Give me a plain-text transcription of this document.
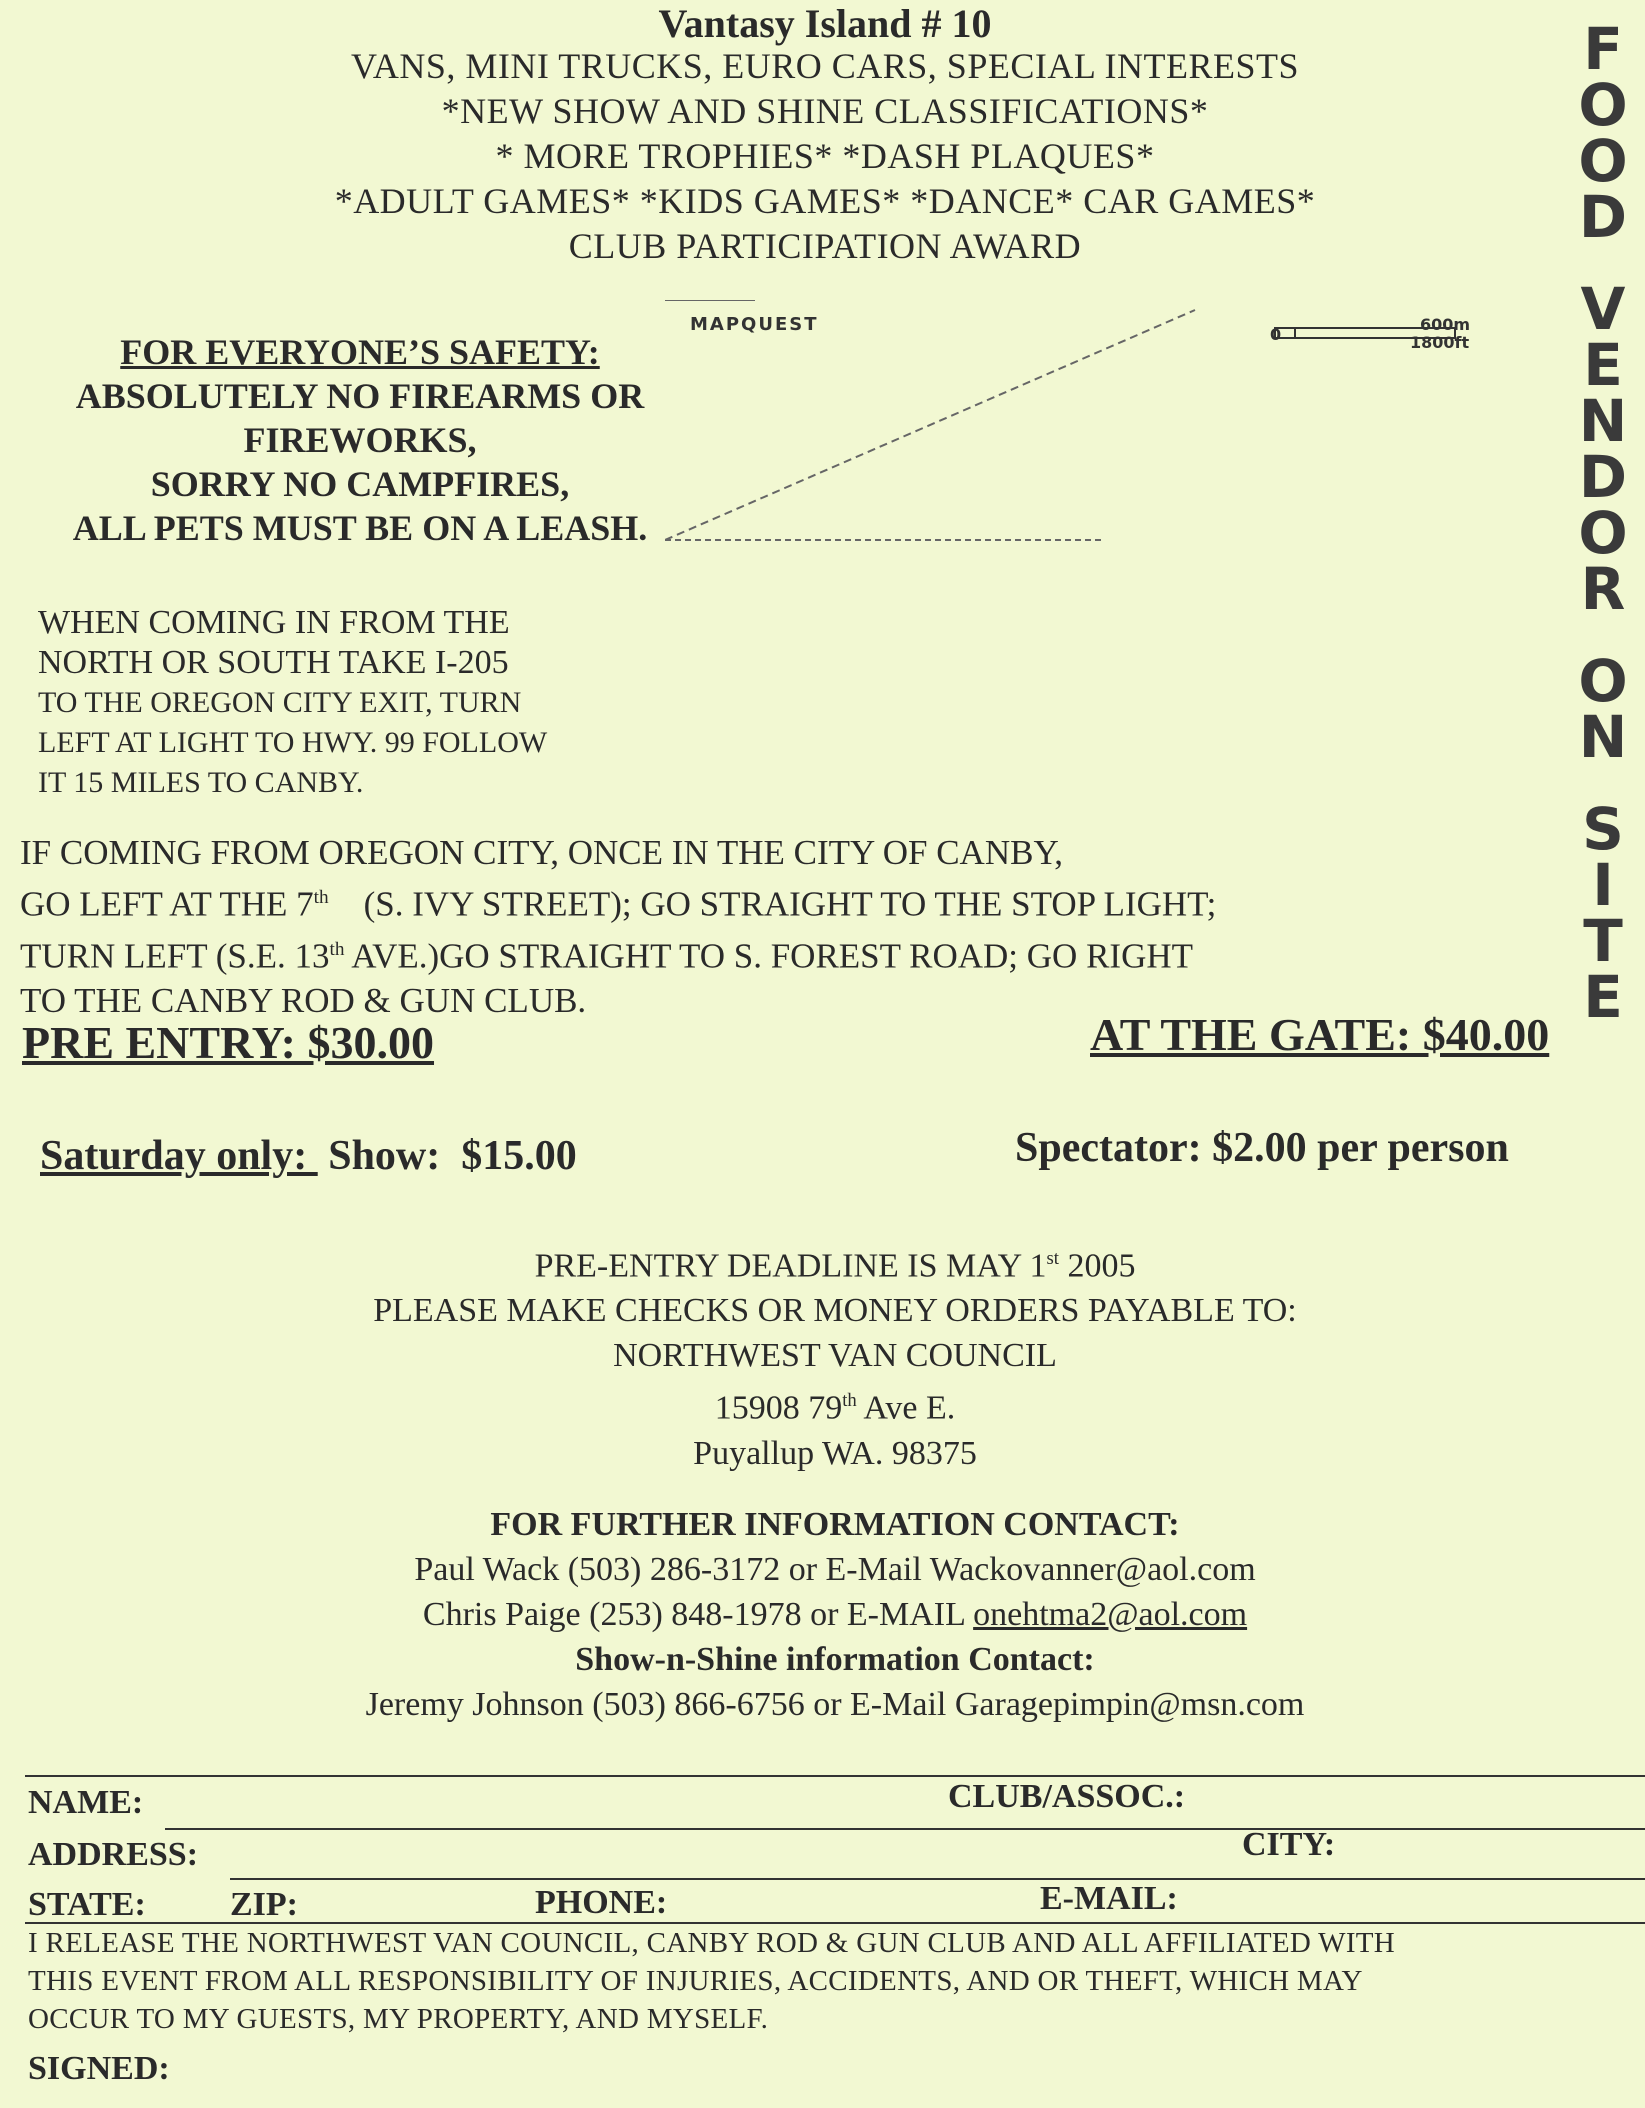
Vantasy Island # 10
VANS, MINI TRUCKS, EURO CARS, SPECIAL INTERESTS
*NEW SHOW AND SHINE CLASSIFICATIONS*
* MORE TROPHIES* *DASH PLAQUES*
*ADULT GAMES* *KIDS GAMES* *DANCE* CAR GAMES*
CLUB PARTICIPATION AWARD
F
O
O
D
V
E
N
D
O
R
O
N
S
I
T
E
FOR EVERYONE’S SAFETY:
ABSOLUTELY NO FIREARMS OR
FIREWORKS,
SORRY NO CAMPFIRES,
ALL PETS MUST BE ON A LEASH.
WHEN COMING IN FROM THE
NORTH OR SOUTH TAKE I-205
TO THE OREGON CITY EXIT, TURN
LEFT AT LIGHT TO HWY. 99 FOLLOW
IT 15 MILES TO CANBY.
MAPQUEST	0
600m
1800ft
IF COMING FROM OREGON CITY, ONCE IN THE CITY OF CANBY,
GO LEFT AT THE 7th    (S. IVY STREET); GO STRAIGHT TO THE STOP LIGHT;
TURN LEFT (S.E. 13th AVE.)GO STRAIGHT TO S. FOREST ROAD; GO RIGHT
TO THE CANBY ROD & GUN CLUB.
PRE ENTRY: $30.00	AT THE GATE: $40.00
Saturday only:  Show:  $15.00	Spectator: $2.00 per person
PRE-ENTRY DEADLINE IS MAY 1st 2005
PLEASE MAKE CHECKS OR MONEY ORDERS PAYABLE TO:
NORTHWEST VAN COUNCIL
15908 79th Ave E.
Puyallup WA. 98375
FOR FURTHER INFORMATION CONTACT:
Paul Wack (503) 286-3172 or E-Mail Wackovanner@aol.com
Chris Paige (253) 848-1978 or E-MAIL onehtma2@aol.com
Show-n-Shine information Contact:
Jeremy Johnson (503) 866-6756 or E-Mail Garagepimpin@msn.com
NAME:	CLUB/ASSOC.:
ADDRESS:	CITY:
STATE: ZIP:	PHONE:	E-MAIL:
I RELEASE THE NORTHWEST VAN COUNCIL, CANBY ROD & GUN CLUB AND ALL AFFILIATED WITH
THIS EVENT FROM ALL RESPONSIBILITY OF INJURIES, ACCIDENTS, AND OR THEFT, WHICH MAY
OCCUR TO MY GUESTS, MY PROPERTY, AND MYSELF.
SIGNED:
